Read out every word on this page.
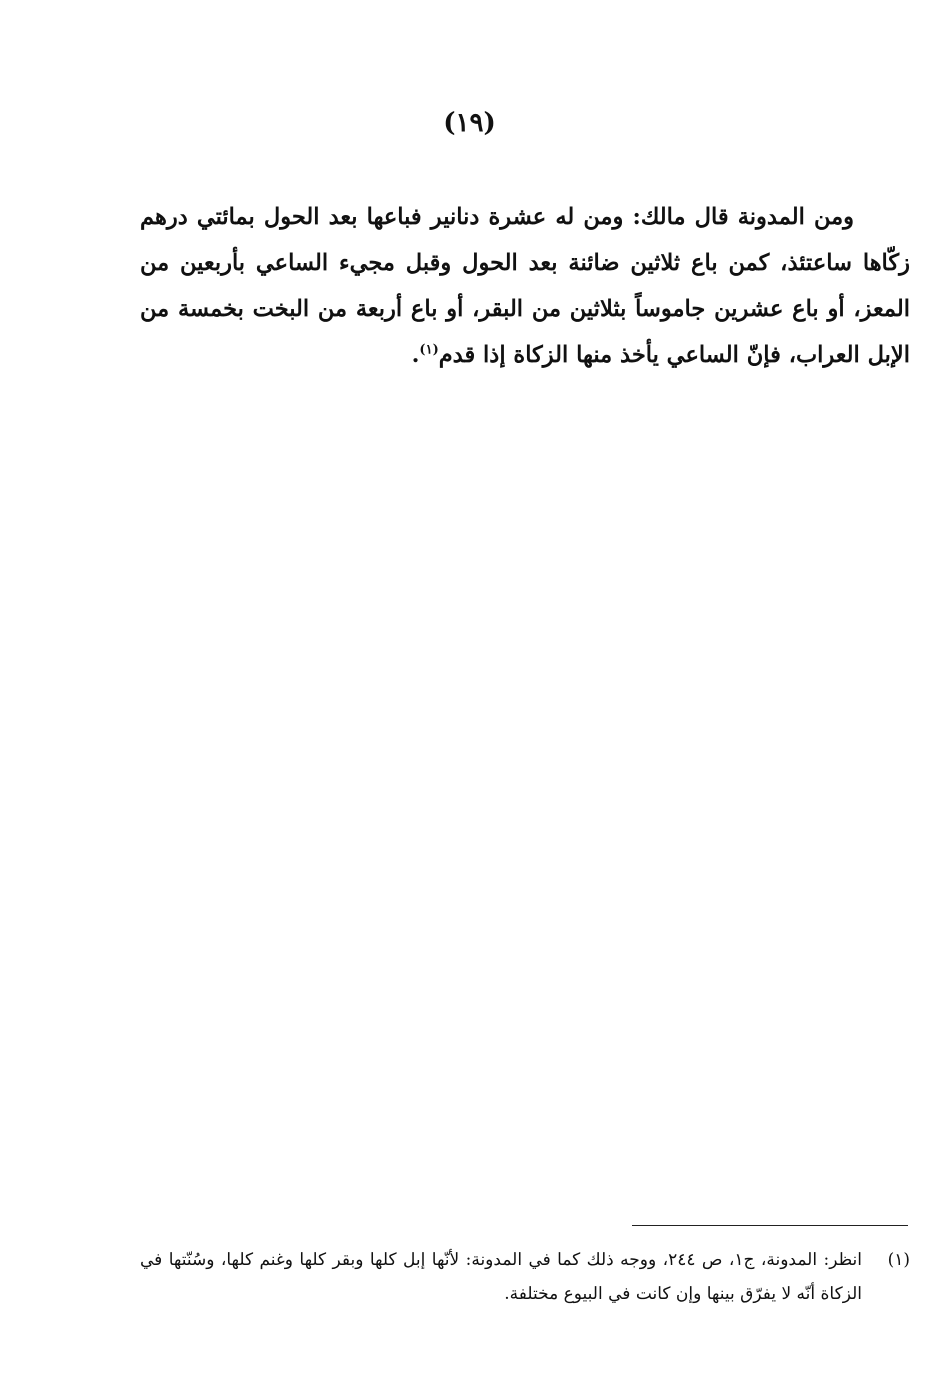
(١٩)

ومن المدونة قال مالك: ومن له عشرة دنانير فباعها بعد الحول بمائتي درهم زكّاها ساعتئذ، كمن باع ثلاثين ضائنة بعد الحول وقبل مجيء الساعي بأربعين من المعز، أو باع عشرين جاموساً بثلاثين من البقر، أو باع أربعة من البخت بخمسة من الإبل العراب، فإنّ الساعي يأخذ منها الزكاة إذا قدم$^{(١)}$.

(١)
انظر: المدونة، ج١، ص ٢٤٤، ووجه ذلك كما في المدونة: لأنّها إبل كلها وبقر كلها وغنم كلها، وسُنّتها في الزكاة أنّه لا يفرّق بينها وإن كانت في البيوع مختلفة.
